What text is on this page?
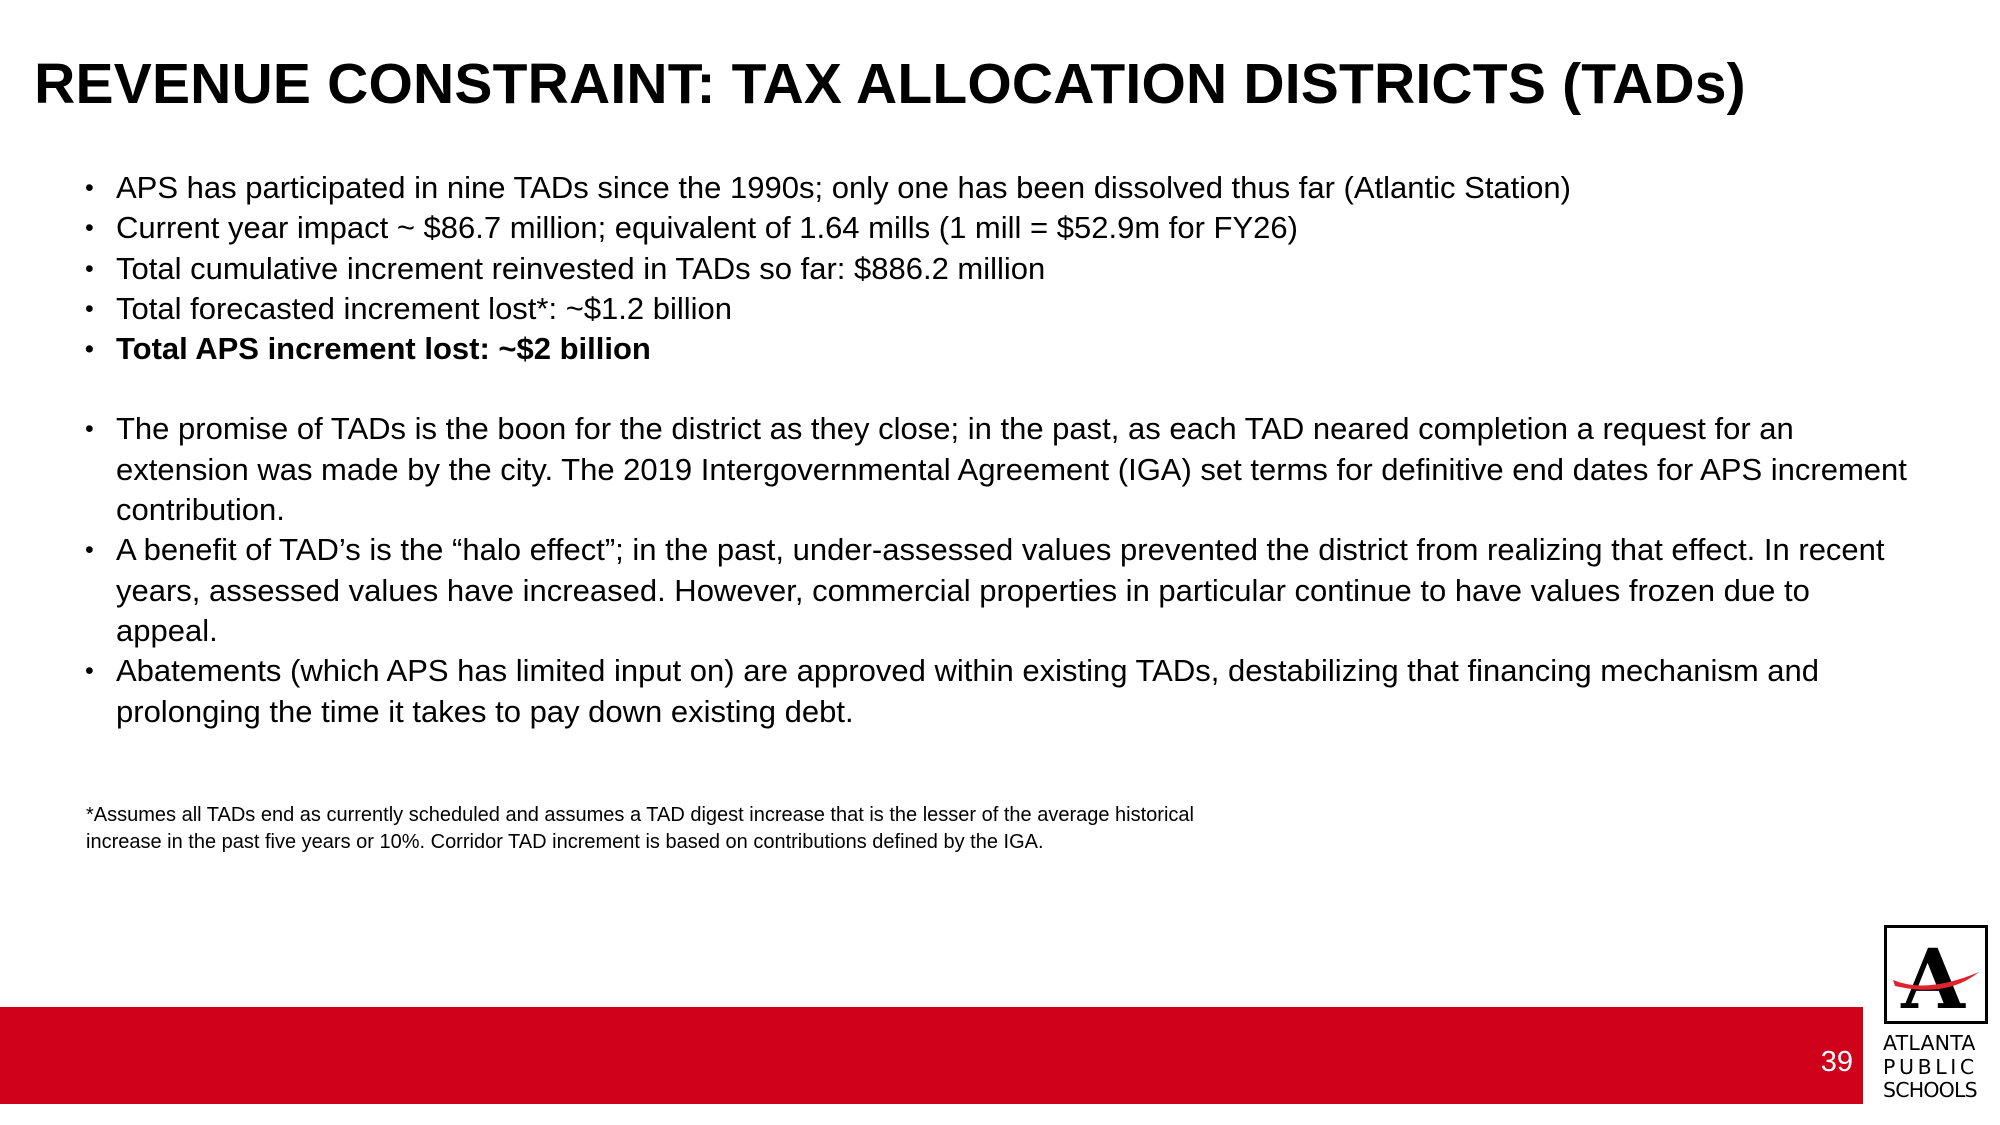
REVENUE CONSTRAINT: TAX ALLOCATION DISTRICTS (TADs)
• APS has participated in nine TADs since the 1990s; only one has been dissolved thus far (Atlantic Station)
• Current year impact ~ $86.7 million; equivalent of 1.64 mills (1 mill = $52.9m for FY26)
• Total cumulative increment reinvested in TADs so far: $886.2 million
• Total forecasted increment lost*: ~$1.2 billion
• Total APS increment lost: ~$2 billion
• The promise of TADs is the boon for the district as they close; in the past, as each TAD neared completion a request for an extension was made by the city. The 2019 Intergovernmental Agreement (IGA) set terms for definitive end dates for APS increment contribution.
• A benefit of TAD’s is the “halo effect”; in the past, under-assessed values prevented the district from realizing that effect. In recent years, assessed values have increased. However, commercial properties in particular continue to have values frozen due to appeal.
• Abatements (which APS has limited input on) are approved within existing TADs, destabilizing that financing mechanism and prolonging the time it takes to pay down existing debt.
*Assumes all TADs end as currently scheduled and assumes a TAD digest increase that is the lesser of the average historical
increase in the past five years or 10%. Corridor TAD increment is based on contributions defined by the IGA.
39
A
ATLANTA
PUBLIC
SCHOOLS
